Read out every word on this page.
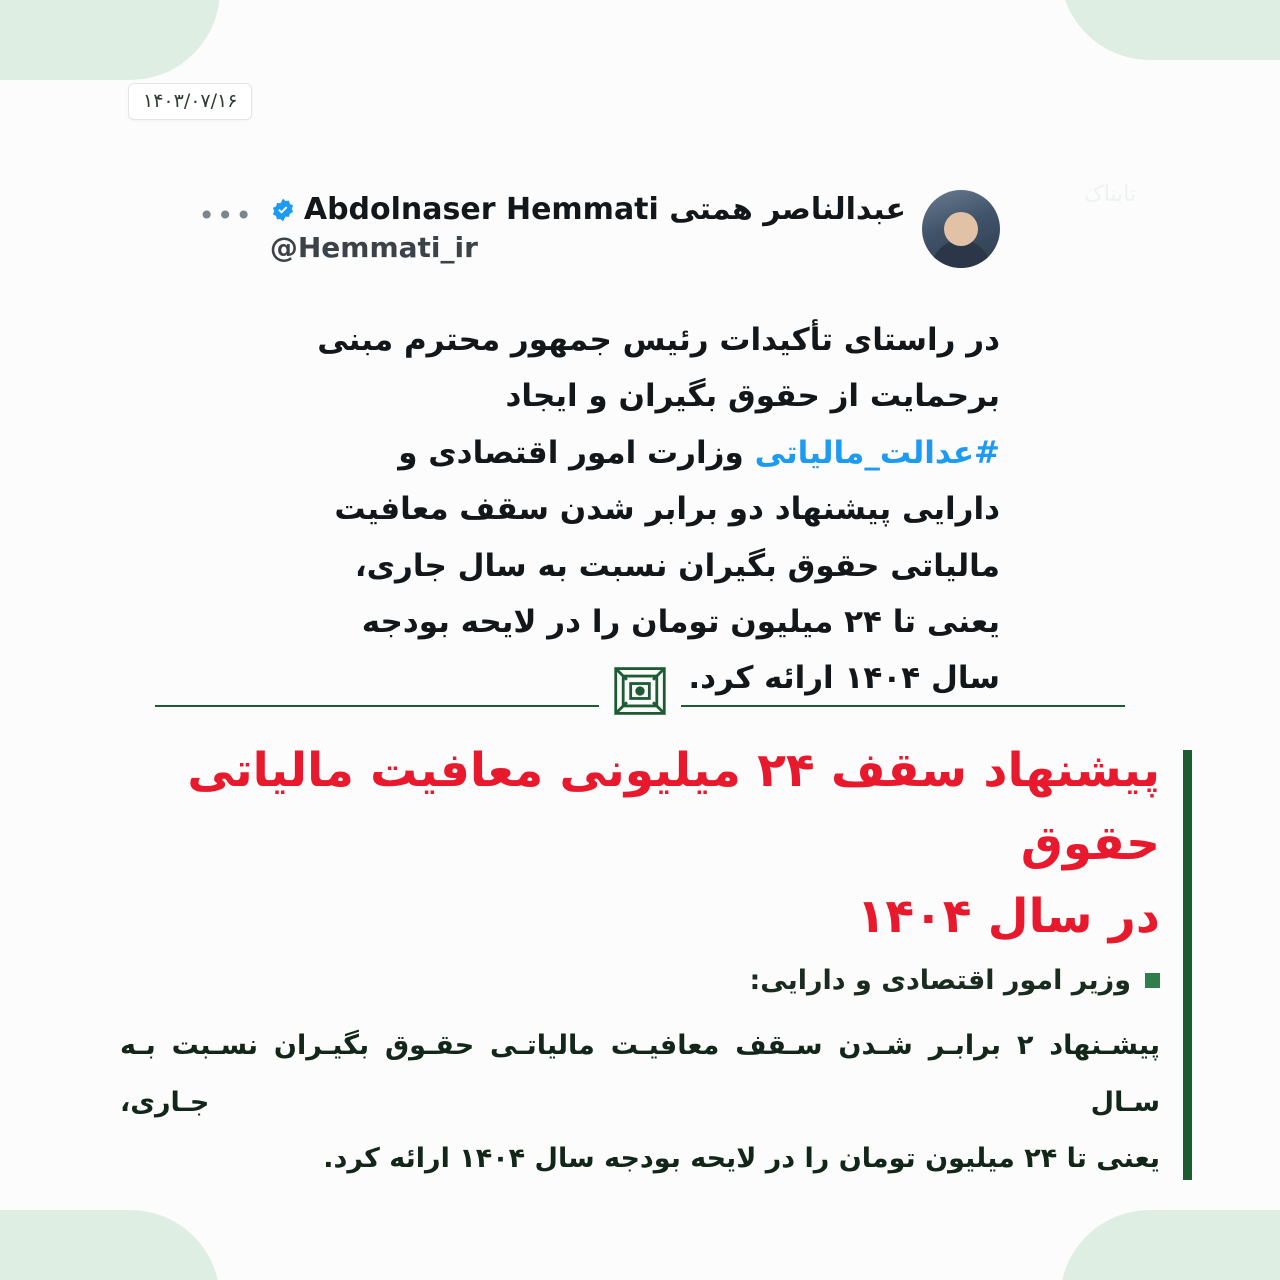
تابناک
۱۴۰۳/۰۷/۱۶
عبدالناصر همتی Abdolnaser Hemmati
@Hemmati_ir
•••
در راستای تأکیدات رئیس جمهور محترم مبنی
برحمایت از حقوق بگیران و ایجاد #عدالت_مالیاتی وزارت امور اقتصادی و دارایی پیشنهاد دو برابر شدن سقف معافیت مالیاتی حقوق بگیران نسبت به سال جاری، یعنی تا ۲۴ میلیون تومان را در لایحه بودجه سال ۱۴۰۴ ارائه کرد.
پیشنهاد سقف ۲۴ میلیونی معافیت مالیاتی حقوق
در سال ۱۴۰۴
وزیر امور اقتصادی و دارایی:
پیشـنهاد ۲ برابـر شـدن سـقف معافیـت مالیاتـی حقـوق بگیـران نسـبت بـه سـال جـاری،
یعنی تا ۲۴ میلیون تومان را در لایحه بودجه سال ۱۴۰۴ ارائه کرد.
